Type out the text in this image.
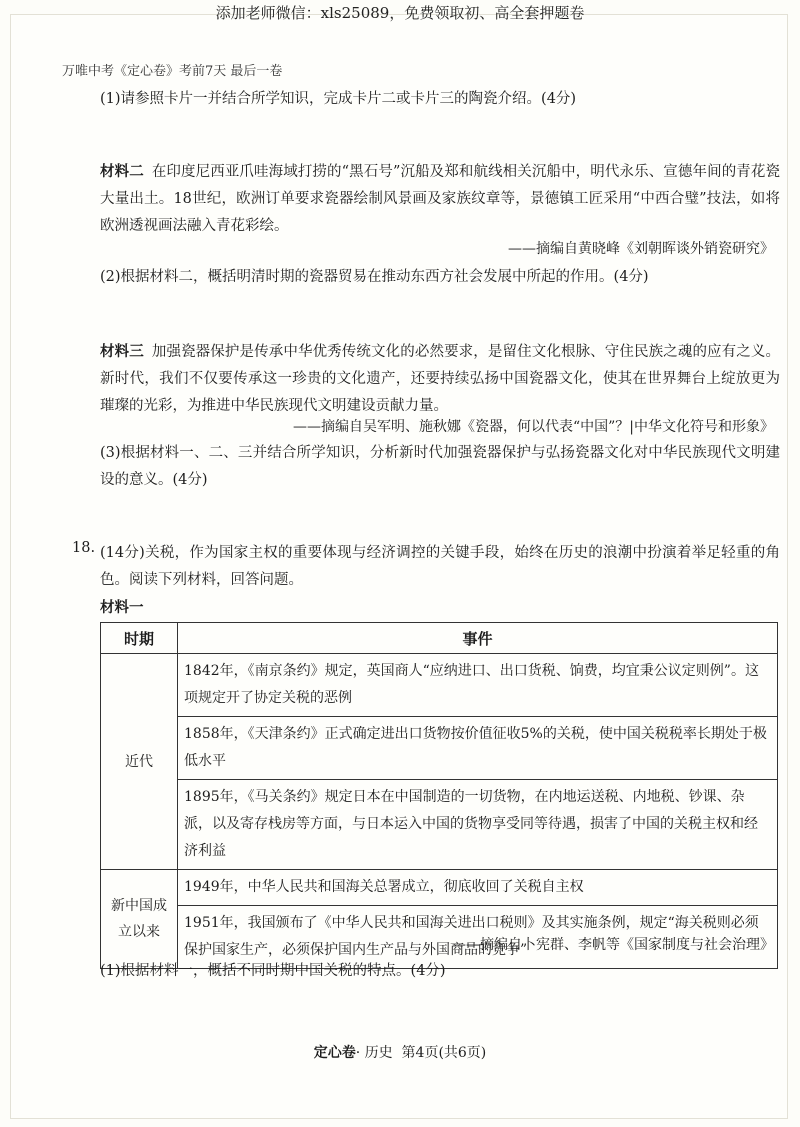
添加老师微信：xls25089，免费领取初、高全套押题卷
万唯中考《定心卷》考前7天 最后一卷

(1)请参照卡片一并结合所学知识，完成卡片二或卡片三的陶瓷介绍。(4分)

材料二 在印度尼西亚爪哇海域打捞的“黑石号”沉船及郑和航线相关沉船中，明代永乐、宣德年间的青花瓷大量出土。18世纪，欧洲订单要求瓷器绘制风景画及家族纹章等，景德镇工匠采用“中西合璧”技法，如将欧洲透视画法融入青花彩绘。

——摘编自黄晓峰《刘朝晖谈外销瓷研究》

(2)根据材料二，概括明清时期的瓷器贸易在推动东西方社会发展中所起的作用。(4分)

材料三 加强瓷器保护是传承中华优秀传统文化的必然要求，是留住文化根脉、守住民族之魂的应有之义。新时代，我们不仅要传承这一珍贵的文化遗产，还要持续弘扬中国瓷器文化，使其在世界舞台上绽放更为璀璨的光彩，为推进中华民族现代文明建设贡献力量。

——摘编自吴军明、施秋娜《瓷器，何以代表“中国”？|中华文化符号和形象》

(3)根据材料一、二、三并结合所学知识，分析新时代加强瓷器保护与弘扬瓷器文化对中华民族现代文明建设的意义。(4分)

18. (14分)关税，作为国家主权的重要体现与经济调控的关键手段，始终在历史的浪潮中扮演着举足轻重的角色。阅读下列材料，回答问题。

材料一

时期	事件
近代	1842年，《南京条约》规定，英国商人“应纳进口、出口货税、饷费，均宜秉公议定则例”。这项规定开了协定关税的恶例
	1858年，《天津条约》正式确定进出口货物按价值征收5%的关税，使中国关税税率长期处于极低水平
	1895年，《马关条约》规定日本在中国制造的一切货物，在内地运送税、内地税、钞课、杂派，以及寄存栈房等方面，与日本运入中国的货物享受同等待遇，损害了中国的关税主权和经济利益
新中国成立以来	1949年，中华人民共和国海关总署成立，彻底收回了关税自主权
	1951年，我国颁布了《中华人民共和国海关进出口税则》及其实施条例，规定“海关税则必须保护国家生产，必须保护国内生产品与外国商品的竞争”
——摘编自卜宪群、李帆等《国家制度与社会治理》

(1)根据材料一，概括不同时期中国关税的特点。(4分)

定心卷· 历史 第4页(共6页)
